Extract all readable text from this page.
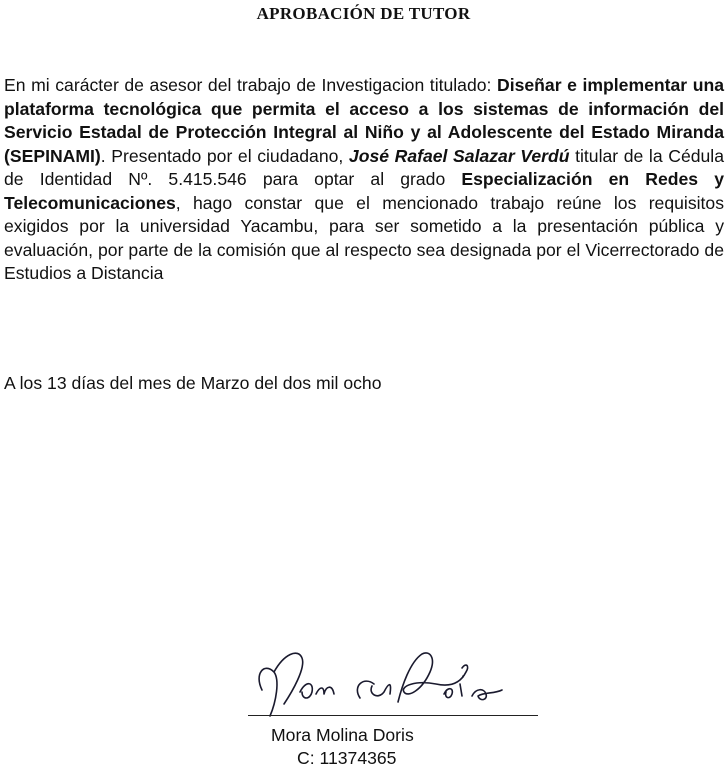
APROBACIÓN DE TUTOR
En mi carácter de asesor del trabajo de Investigacion titulado: Diseñar e implementar una plataforma tecnológica que permita el acceso a los sistemas de información del Servicio Estadal de Protección Integral al Niño y al Adolescente del Estado Miranda (SEPINAMI). Presentado por el ciudadano, José Rafael Salazar Verdú titular de la Cédula de Identidad Nº. 5.415.546 para optar al grado Especialización en Redes y Telecomunicaciones, hago constar que el mencionado trabajo reúne los requisitos exigidos por la universidad Yacambu, para ser sometido a la presentación pública y evaluación, por parte de la comisión que al respecto sea designada por el Vicerrectorado de Estudios a Distancia
A los 13 días del mes de Marzo del dos mil ocho
Mora Molina Doris
C: 11374365
